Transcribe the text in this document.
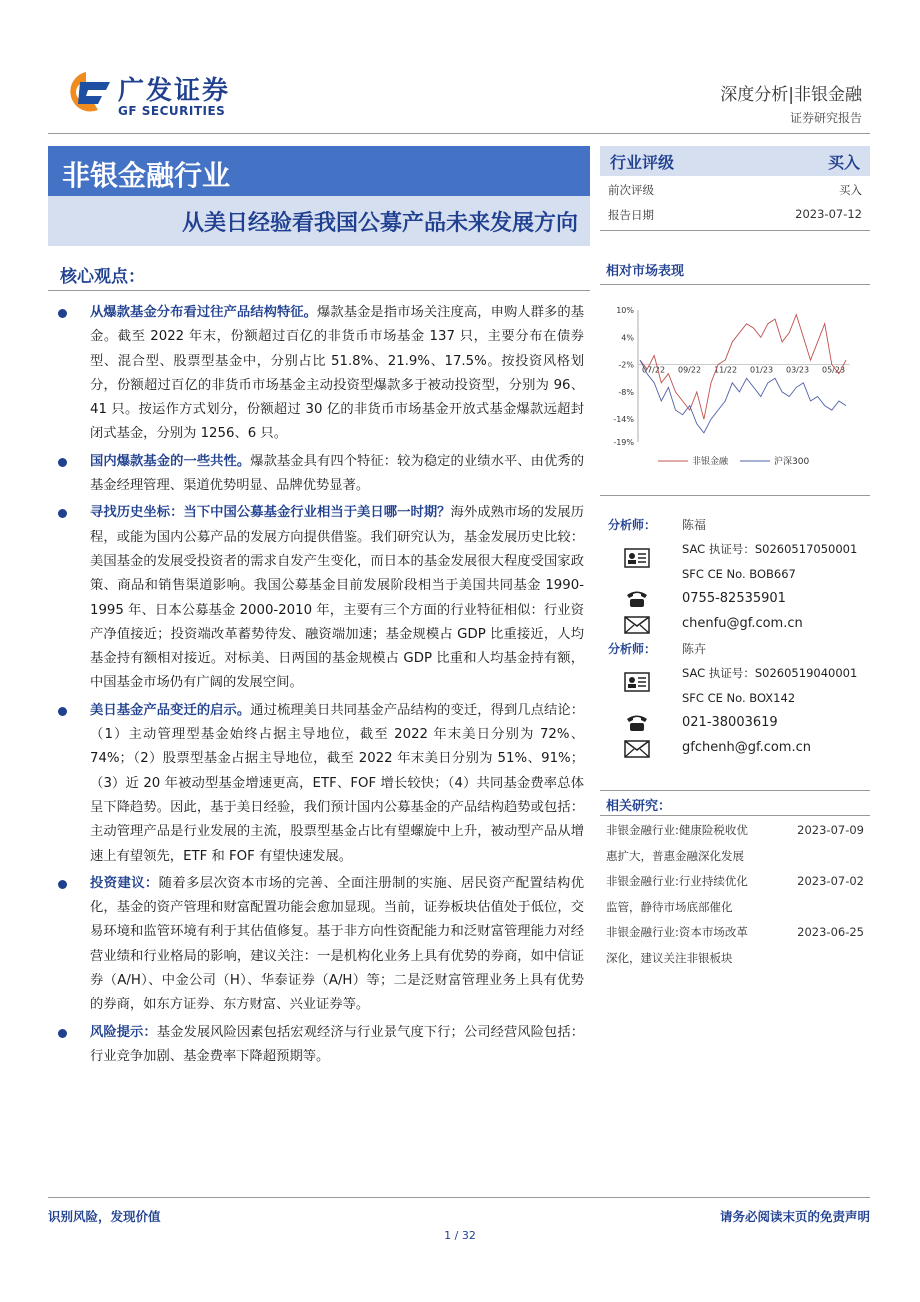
广发证券
GF SECURITIES
深度分析|非银金融
证券研究报告
非银金融行业
从美日经验看我国公募产品未来发展方向
核心观点：
从爆款基金分布看过往产品结构特征。爆款基金是指市场关注度高，申购人群多的基金。截至 2022 年末，份额超过百亿的非货币市场基金 137 只，主要分布在债券型、混合型、股票型基金中，分别占比 51.8%、21.9%、17.5%。按投资风格划分，份额超过百亿的非货币市场基金主动投资型爆款多于被动投资型，分别为 96、41 只。按运作方式划分，份额超过 30 亿的非货币市场基金开放式基金爆款远超封闭式基金，分别为 1256、6 只。
国内爆款基金的一些共性。爆款基金具有四个特征：较为稳定的业绩水平、由优秀的基金经理管理、渠道优势明显、品牌优势显著。
寻找历史坐标：当下中国公募基金行业相当于美日哪一时期？海外成熟市场的发展历程，或能为国内公募产品的发展方向提供借鉴。我们研究认为，基金发展历史比较：美国基金的发展受投资者的需求自发产生变化，而日本的基金发展很大程度受国家政策、商品和销售渠道影响。我国公募基金目前发展阶段相当于美国共同基金 1990-1995 年、日本公募基金 2000-2010 年，主要有三个方面的行业特征相似：行业资产净值接近；投资端改革蓄势待发、融资端加速；基金规模占 GDP 比重接近，人均基金持有额相对接近。对标美、日两国的基金规模占 GDP 比重和人均基金持有额，中国基金市场仍有广阔的发展空间。
美日基金产品变迁的启示。通过梳理美日共同基金产品结构的变迁，得到几点结论：（1）主动管理型基金始终占据主导地位，截至 2022 年末美日分别为 72%、74%；（2）股票型基金占据主导地位，截至 2022 年末美日分别为 51%、91%；（3）近 20 年被动型基金增速更高，ETF、FOF 增长较快；（4）共同基金费率总体呈下降趋势。因此，基于美日经验，我们预计国内公募基金的产品结构趋势或包括：主动管理产品是行业发展的主流，股票型基金占比有望螺旋中上升，被动型产品从增速上有望领先，ETF 和 FOF 有望快速发展。
投资建议：随着多层次资本市场的完善、全面注册制的实施、居民资产配置结构优化，基金的资产管理和财富配置功能会愈加显现。当前，证券板块估值处于低位，交易环境和监管环境有利于其估值修复。基于非方向性资配能力和泛财富管理能力对经营业绩和行业格局的影响，建议关注：一是机构化业务上具有优势的券商，如中信证券（A/H）、中金公司（H）、华泰证券（A/H）等；二是泛财富管理业务上具有优势的券商，如东方证券、东方财富、兴业证券等。
风险提示：基金发展风险因素包括宏观经济与行业景气度下行；公司经营风险包括：行业竞争加剧、基金费率下降超预期等。
行业评级	买入
前次评级	买入
报告日期	2023-07-12
相对市场表现
10%
4%
-2%
-8%
-14%
-19%
07/22 09/22 11/22 01/23 03/23 05/23
非银金融	沪深300
分析师： 陈福
SAC 执证号：S0260517050001
SFC CE No. BOB667
0755-82535901
chenfu@gf.com.cn
分析师： 陈卉
SAC 执证号：S0260519040001
SFC CE No. BOX142
021-38003619
gfchenh@gf.com.cn
相关研究：
非银金融行业:健康险税收优
惠扩大，普惠金融深化发展
2023-07-09
非银金融行业:行业持续优化
监管，静待市场底部催化
2023-07-02
非银金融行业:资本市场改革
深化，建议关注非银板块
2023-06-25
识别风险，发现价值	请务必阅读末页的免责声明
1 / 32
